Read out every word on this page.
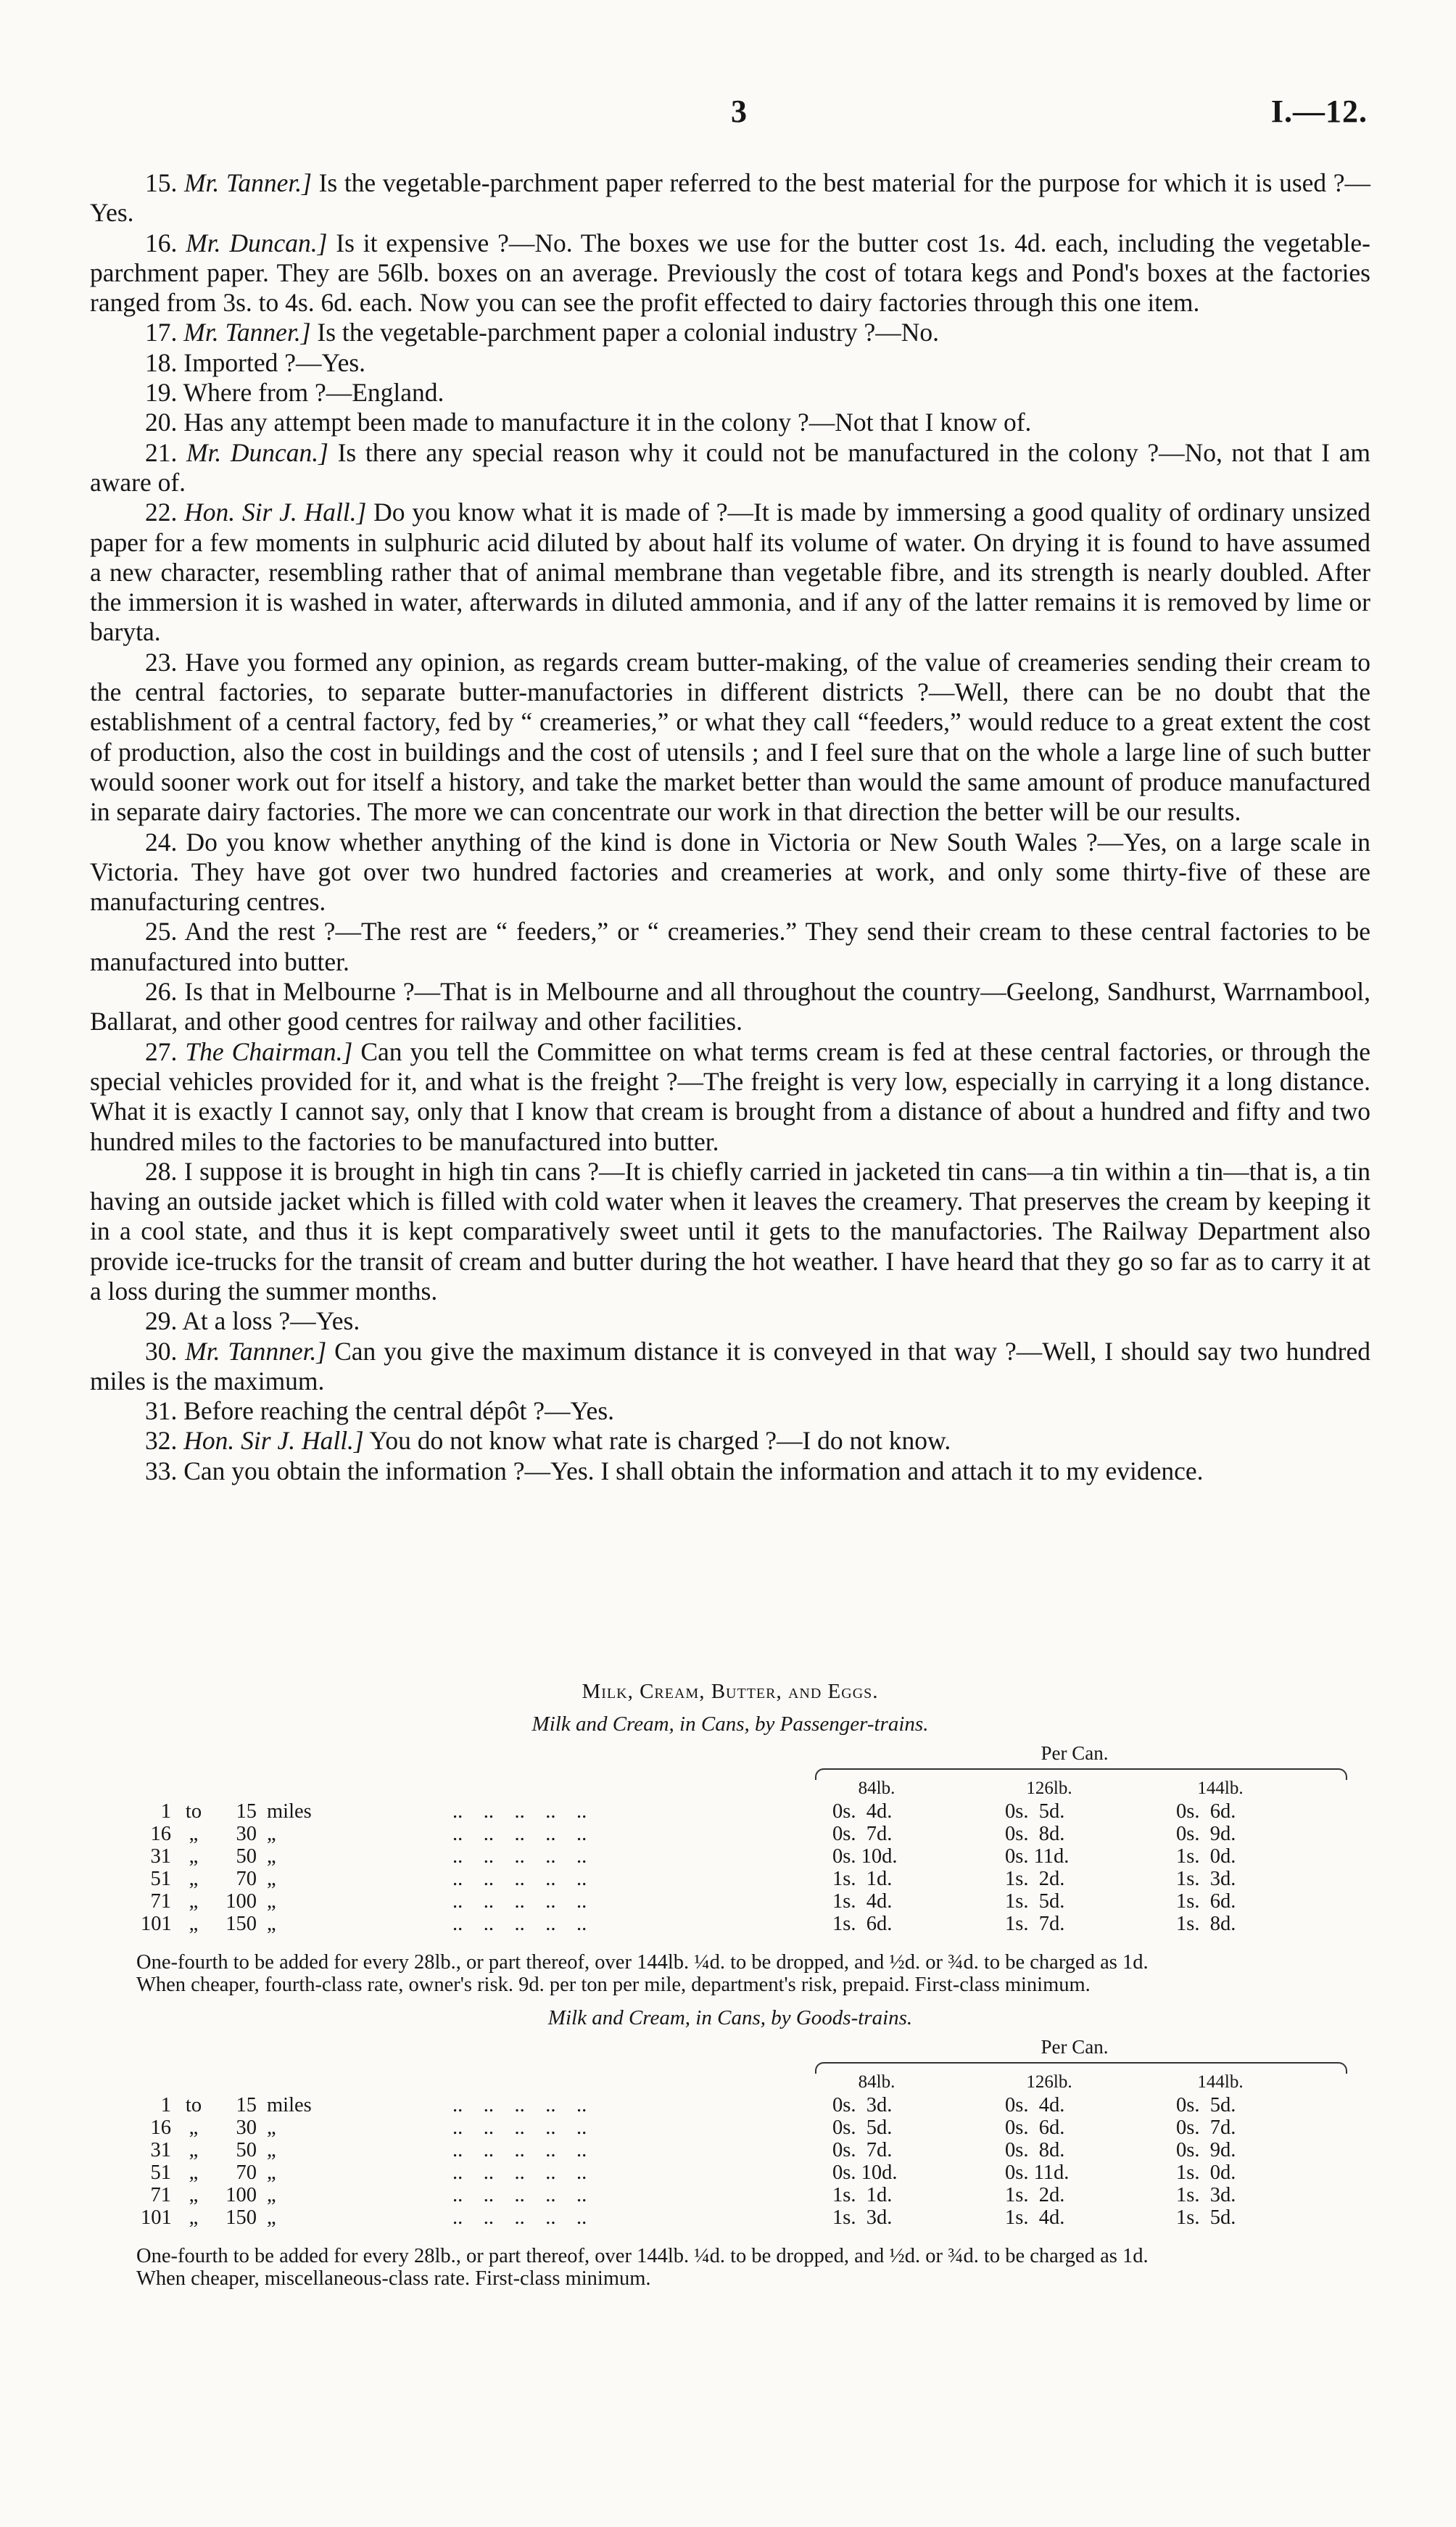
3	I.—12.

15. Mr. Tanner.] Is the vegetable-parchment paper referred to the best material for the purpose for which it is used ?—Yes.

16. Mr. Duncan.] Is it expensive ?—No. The boxes we use for the butter cost 1s. 4d. each, including the vegetable-parchment paper. They are 56lb. boxes on an average. Previously the cost of totara kegs and Pond's boxes at the factories ranged from 3s. to 4s. 6d. each. Now you can see the profit effected to dairy factories through this one item.

17. Mr. Tanner.] Is the vegetable-parchment paper a colonial industry ?—No.

18. Imported ?—Yes.

19. Where from ?—England.

20. Has any attempt been made to manufacture it in the colony ?—Not that I know of.

21. Mr. Duncan.] Is there any special reason why it could not be manufactured in the colony ?—No, not that I am aware of.

22. Hon. Sir J. Hall.] Do you know what it is made of ?—It is made by immersing a good quality of ordinary unsized paper for a few moments in sulphuric acid diluted by about half its volume of water. On drying it is found to have assumed a new character, resembling rather that of animal membrane than vegetable fibre, and its strength is nearly doubled. After the immersion it is washed in water, afterwards in diluted ammonia, and if any of the latter remains it is removed by lime or baryta.

23. Have you formed any opinion, as regards cream butter-making, of the value of creameries sending their cream to the central factories, to separate butter-manufactories in different districts ?—Well, there can be no doubt that the establishment of a central factory, fed by “ creameries,” or what they call “feeders,” would reduce to a great extent the cost of production, also the cost in buildings and the cost of utensils ; and I feel sure that on the whole a large line of such butter would sooner work out for itself a history, and take the market better than would the same amount of produce manufactured in separate dairy factories. The more we can concentrate our work in that direction the better will be our results.

24. Do you know whether anything of the kind is done in Victoria or New South Wales ?—Yes, on a large scale in Victoria. They have got over two hundred factories and creameries at work, and only some thirty-five of these are manufacturing centres.

25. And the rest ?—The rest are “ feeders,” or “ creameries.” They send their cream to these central factories to be manufactured into butter.

26. Is that in Melbourne ?—That is in Melbourne and all throughout the country—Geelong, Sandhurst, Warrnambool, Ballarat, and other good centres for railway and other facilities.

27. The Chairman.] Can you tell the Committee on what terms cream is fed at these central factories, or through the special vehicles provided for it, and what is the freight ?—The freight is very low, especially in carrying it a long distance. What it is exactly I cannot say, only that I know that cream is brought from a distance of about a hundred and fifty and two hundred miles to the factories to be manufactured into butter.

28. I suppose it is brought in high tin cans ?—It is chiefly carried in jacketed tin cans—a tin within a tin—that is, a tin having an outside jacket which is filled with cold water when it leaves the creamery. That preserves the cream by keeping it in a cool state, and thus it is kept comparatively sweet until it gets to the manufactories. The Railway Department also provide ice-trucks for the transit of cream and butter during the hot weather. I have heard that they go so far as to carry it at a loss during the summer months.

29. At a loss ?—Yes.

30. Mr. Tannner.] Can you give the maximum distance it is conveyed in that way ?—Well, I should say two hundred miles is the maximum.

31. Before reaching the central dépôt ?—Yes.

32. Hon. Sir J. Hall.] You do not know what rate is charged ?—I do not know.

33. Can you obtain the information ?—Yes. I shall obtain the information and attach it to my evidence.

Milk, Cream, Butter, and Eggs.
Milk and Cream, in Cans, by Passenger-trains.
Per Can.
84lb.	126lb.	144lb.
1 to	15 miles	..    ..    ..    ..    ..	0s.  4d.	0s.  5d.	0s.  6d.
16 „	30 „	..    ..    ..    ..    ..	0s.  7d.	0s.  8d.	0s.  9d.
31 „	50 „	..    ..    ..    ..    ..	0s. 10d.	0s. 11d.	1s.  0d.
51 „	70 „	..    ..    ..    ..    ..	1s.  1d.	1s.  2d.	1s.  3d.
71 „	100 „	..    ..    ..    ..    ..	1s.  4d.	1s.  5d.	1s.  6d.
101 „	150 „	..    ..    ..    ..    ..	1s.  6d.	1s.  7d.	1s.  8d.

One-fourth to be added for every 28lb., or part thereof, over 144lb. ¼d. to be dropped, and ½d. or ¾d. to be charged as 1d.

When cheaper, fourth-class rate, owner's risk. 9d. per ton per mile, department's risk, prepaid. First-class minimum.

Milk and Cream, in Cans, by Goods-trains.
Per Can.
84lb.	126lb.	144lb.
1 to	15 miles	..    ..    ..    ..    ..	0s.  3d.	0s.  4d.	0s.  5d.
16 „	30 „	..    ..    ..    ..    ..	0s.  5d.	0s.  6d.	0s.  7d.
31 „	50 „	..    ..    ..    ..    ..	0s.  7d.	0s.  8d.	0s.  9d.
51 „	70 „	..    ..    ..    ..    ..	0s. 10d.	0s. 11d.	1s.  0d.
71 „	100 „	..    ..    ..    ..    ..	1s.  1d.	1s.  2d.	1s.  3d.
101 „	150 „	..    ..    ..    ..    ..	1s.  3d.	1s.  4d.	1s.  5d.

One-fourth to be added for every 28lb., or part thereof, over 144lb. ¼d. to be dropped, and ½d. or ¾d. to be charged as 1d.

When cheaper, miscellaneous-class rate. First-class minimum.
